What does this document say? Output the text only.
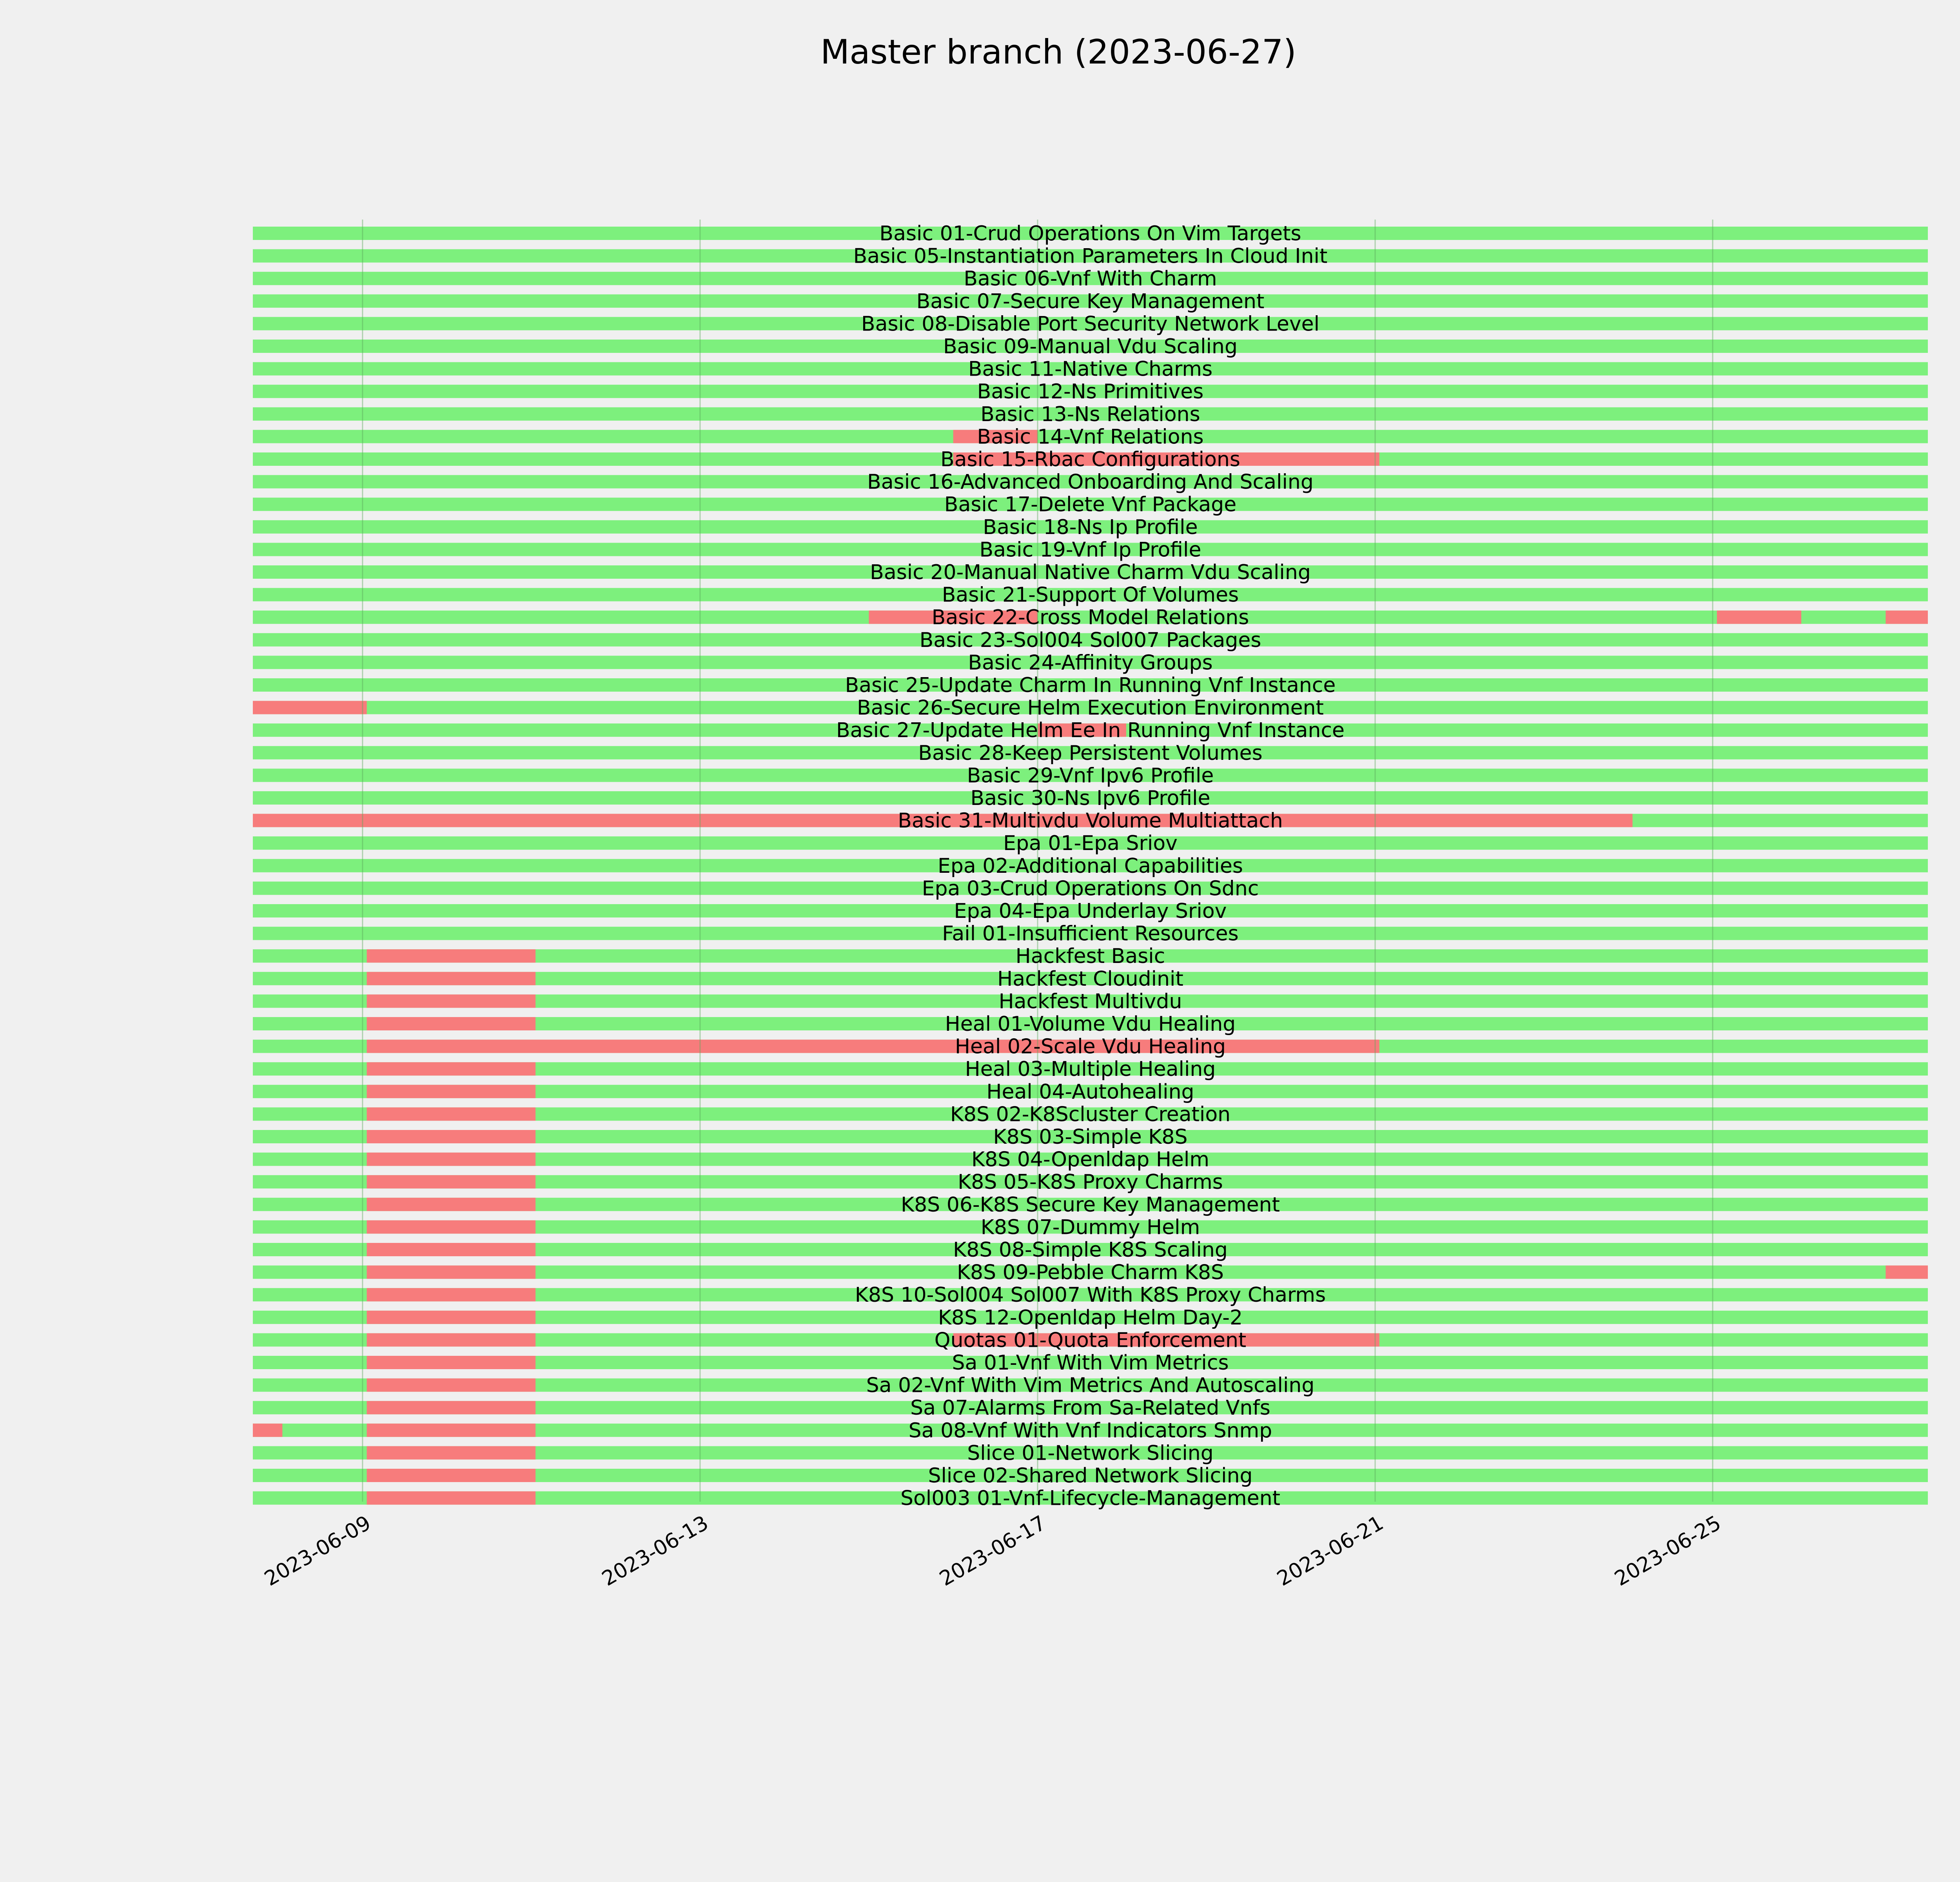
Master branch (2023-06-27)
Basic 01-Crud Operations On Vim Targets
Basic 05-Instantiation Parameters In Cloud Init
Basic 06-Vnf With Charm
Basic 07-Secure Key Management
Basic 08-Disable Port Security Network Level
Basic 09-Manual Vdu Scaling
Basic 11-Native Charms
Basic 12-Ns Primitives
Basic 13-Ns Relations
Basic 14-Vnf Relations
Basic 15-Rbac Configurations
Basic 16-Advanced Onboarding And Scaling
Basic 17-Delete Vnf Package
Basic 18-Ns Ip Profile
Basic 19-Vnf Ip Profile
Basic 20-Manual Native Charm Vdu Scaling
Basic 21-Support Of Volumes
Basic 22-Cross Model Relations
Basic 23-Sol004 Sol007 Packages
Basic 24-Affinity Groups
Basic 25-Update Charm In Running Vnf Instance
Basic 26-Secure Helm Execution Environment
Basic 27-Update Helm Ee In Running Vnf Instance
Basic 28-Keep Persistent Volumes
Basic 29-Vnf Ipv6 Profile
Basic 30-Ns Ipv6 Profile
Basic 31-Multivdu Volume Multiattach
Epa 01-Epa Sriov
Epa 02-Additional Capabilities
Epa 03-Crud Operations On Sdnc
Epa 04-Epa Underlay Sriov
Fail 01-Insufficient Resources
Hackfest Basic
Hackfest Cloudinit
Hackfest Multivdu
Heal 01-Volume Vdu Healing
Heal 02-Scale Vdu Healing
Heal 03-Multiple Healing
Heal 04-Autohealing
K8S 02-K8Scluster Creation
K8S 03-Simple K8S
K8S 04-Openldap Helm
K8S 05-K8S Proxy Charms
K8S 06-K8S Secure Key Management
K8S 07-Dummy Helm
K8S 08-Simple K8S Scaling
K8S 09-Pebble Charm K8S
K8S 10-Sol004 Sol007 With K8S Proxy Charms
K8S 12-Openldap Helm Day-2
Quotas 01-Quota Enforcement
Sa 01-Vnf With Vim Metrics
Sa 02-Vnf With Vim Metrics And Autoscaling
Sa 07-Alarms From Sa-Related Vnfs
Sa 08-Vnf With Vnf Indicators Snmp
Slice 01-Network Slicing
Slice 02-Shared Network Slicing
Sol003 01-Vnf-Lifecycle-Management
2023-06-09	2023-06-13	2023-06-17	2023-06-21	2023-06-25
